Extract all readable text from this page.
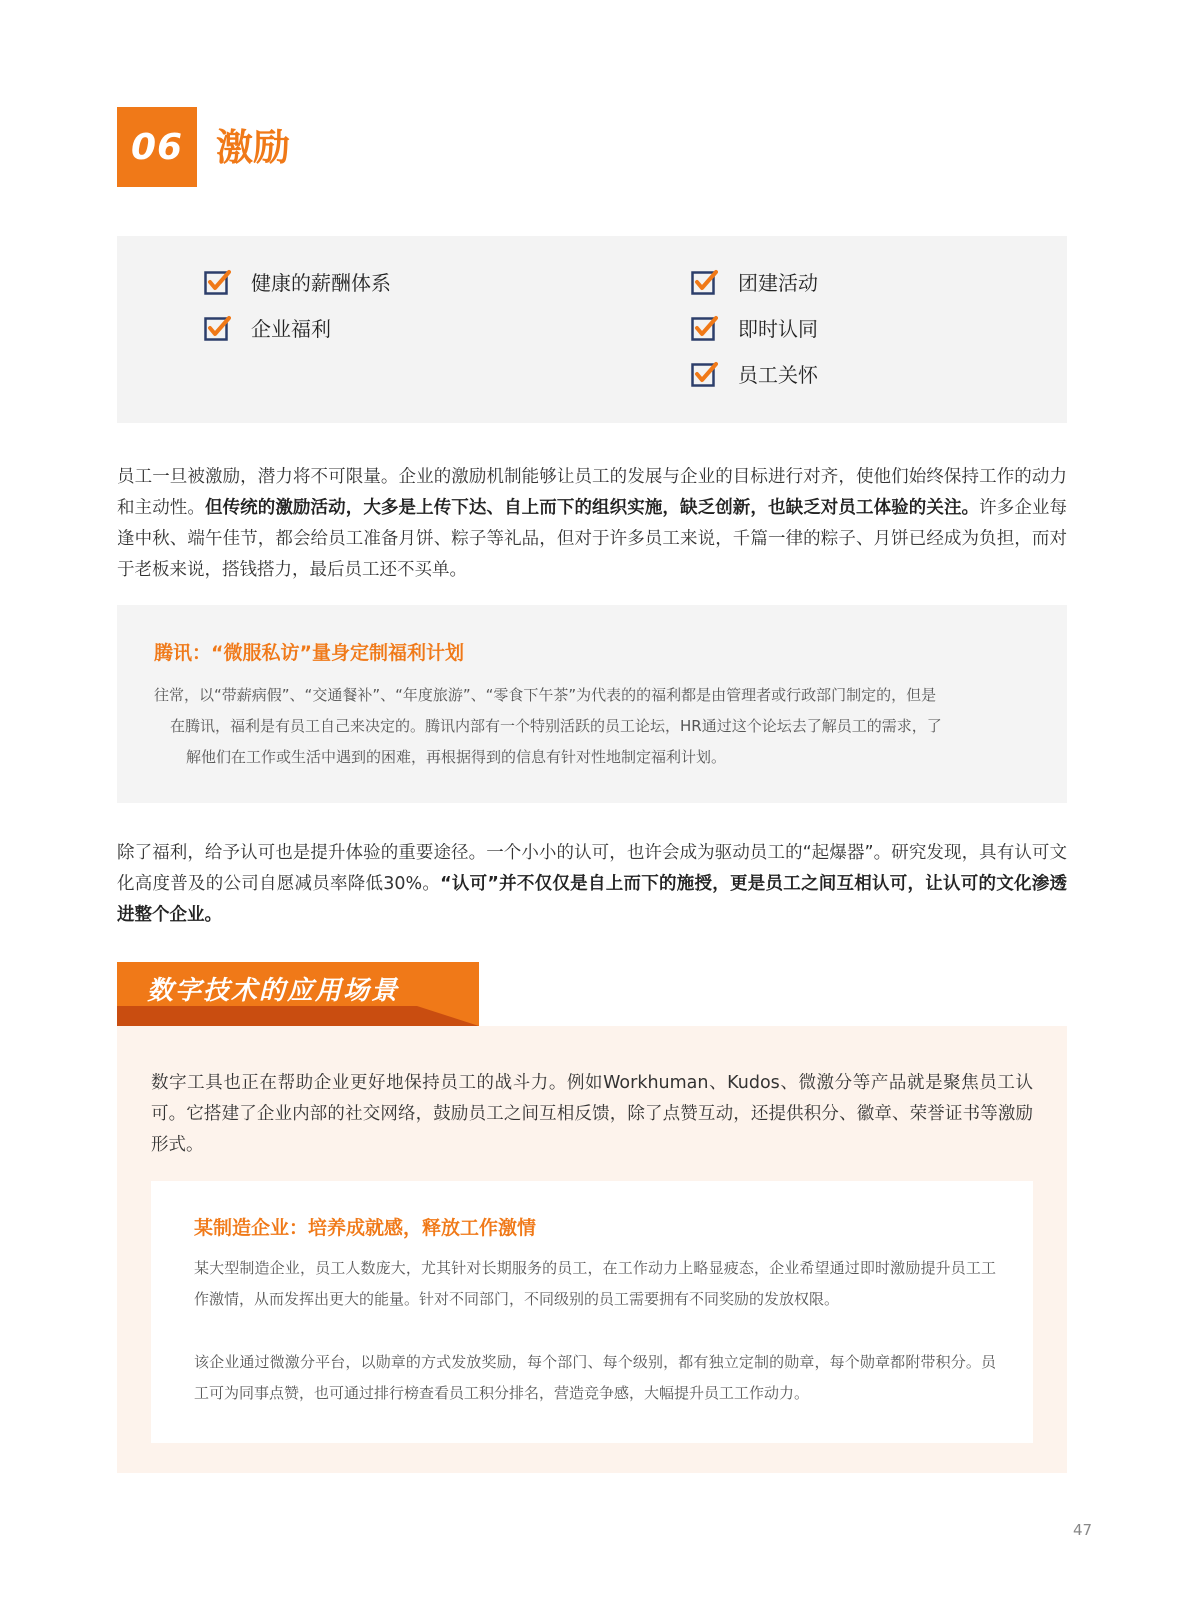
06 激励
健康的薪酬体系
企业福利
团建活动
即时认同
员工关怀
员工一旦被激励，潜力将不可限量。企业的激励机制能够让员工的发展与企业的目标进行对齐，使他们始终保持工作的动力和主动性。但传统的激励活动，大多是上传下达、自上而下的组织实施，缺乏创新，也缺乏对员工体验的关注。许多企业每逢中秋、端午佳节，都会给员工准备月饼、粽子等礼品，但对于许多员工来说，千篇一律的粽子、月饼已经成为负担，而对于老板来说，搭钱搭力，最后员工还不买单。
腾讯：“微服私访”量身定制福利计划
往常，以“带薪病假”、“交通餐补”、“年度旅游”、“零食下午茶”为代表的的福利都是由管理者或行政部门制定的，但是
在腾讯，福利是有员工自己来决定的。腾讯内部有一个特别活跃的员工论坛，HR通过这个论坛去了解员工的需求，了
解他们在工作或生活中遇到的困难，再根据得到的信息有针对性地制定福利计划。
除了福利，给予认可也是提升体验的重要途径。一个小小的认可，也许会成为驱动员工的“起爆器”。研究发现，具有认可文化高度普及的公司自愿减员率降低30%。“认可”并不仅仅是自上而下的施授，更是员工之间互相认可，让认可的文化渗透进整个企业。
数字技术的应用场景
数字工具也正在帮助企业更好地保持员工的战斗力。例如Workhuman、Kudos、微激分等产品就是聚焦员工认可。它搭建了企业内部的社交网络，鼓励员工之间互相反馈，除了点赞互动，还提供积分、徽章、荣誉证书等激励形式。
某制造企业：培养成就感，释放工作激情
某大型制造企业，员工人数庞大，尤其针对长期服务的员工，在工作动力上略显疲态，企业希望通过即时激励提升员工工作激情，从而发挥出更大的能量。针对不同部门，不同级别的员工需要拥有不同奖励的发放权限。
该企业通过微激分平台，以勋章的方式发放奖励，每个部门、每个级别，都有独立定制的勋章，每个勋章都附带积分。员工可为同事点赞，也可通过排行榜查看员工积分排名，营造竞争感，大幅提升员工工作动力。
47
